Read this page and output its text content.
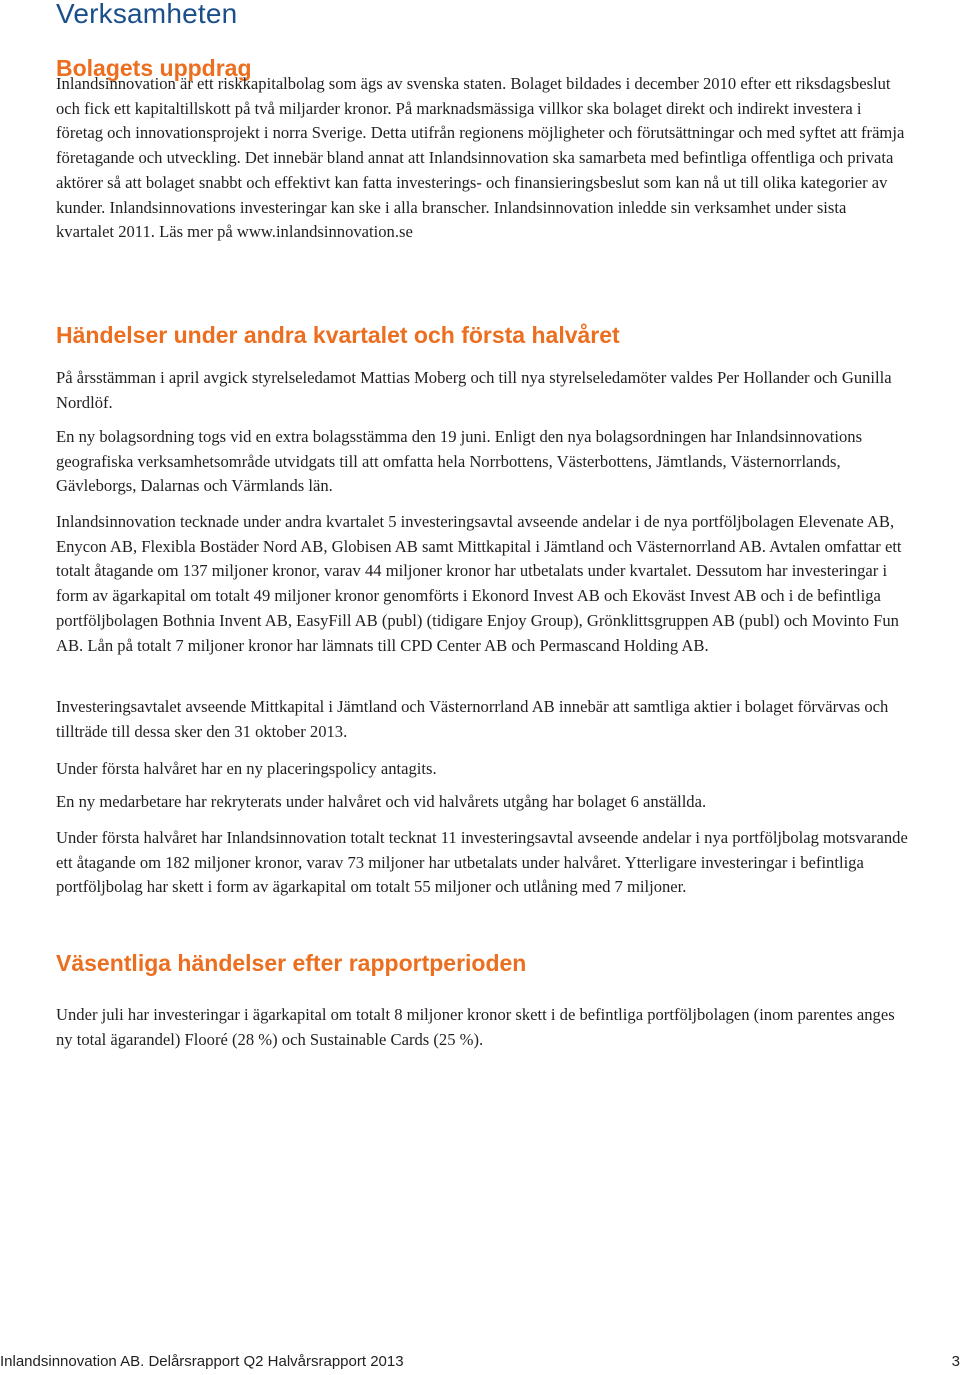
Verksamheten
Bolagets uppdrag

Inlandsinnovation är ett riskkapitalbolag som ägs av svenska staten. Bolaget bildades i december 2010 efter ett riksdagsbeslut och fick ett kapitaltillskott på två miljarder kronor. På marknadsmässiga villkor ska bolaget direkt och indirekt investera i företag och innovationsprojekt i norra Sverige. Detta utifrån regionens möjligheter och förutsättningar och med syftet att främja företagande och utveckling. Det innebär bland annat att Inlandsinnovation ska samarbeta med befintliga offentliga och privata aktörer så att bolaget snabbt och effektivt kan fatta investerings- och finansieringsbeslut som kan nå ut till olika kategorier av kunder. Inlandsinnovations investeringar kan ske i alla branscher. Inlandsinnovation inledde sin verksamhet under sista kvartalet 2011. Läs mer på www.inlandsinnovation.se

Händelser under andra kvartalet och första halvåret

På årsstämman i april avgick styrelseledamot Mattias Moberg och till nya styrelseledamöter valdes Per Hollander och Gunilla Nordlöf.

En ny bolagsordning togs vid en extra bolagsstämma den 19 juni. Enligt den nya bolagsordningen har Inlandsinnovations geografiska verksamhetsområde utvidgats till att omfatta hela Norrbottens, Västerbottens, Jämtlands, Västernorrlands, Gävleborgs, Dalarnas och Värmlands län.

Inlandsinnovation tecknade under andra kvartalet 5 investeringsavtal avseende andelar i de nya portföljbolagen Elevenate AB, Enycon AB, Flexibla Bostäder Nord AB, Globisen AB samt Mittkapital i Jämtland och Västernorrland AB. Avtalen omfattar ett totalt åtagande om 137 miljoner kronor, varav 44 miljoner kronor har utbetalats under kvartalet. Dessutom har investeringar i form av ägarkapital om totalt 49 miljoner kronor genomförts i Ekonord Invest AB och Ekoväst Invest AB och i de befintliga portföljbolagen Bothnia Invent AB, EasyFill AB (publ) (tidigare Enjoy Group), Grönklittsgruppen AB (publ) och Movinto Fun AB. Lån på totalt 7 miljoner kronor har lämnats till CPD Center AB och Permascand Holding AB.

Investeringsavtalet avseende Mittkapital i Jämtland och Västernorrland AB innebär att samtliga aktier i bolaget förvärvas och tillträde till dessa sker den 31 oktober 2013.

Under första halvåret har en ny placeringspolicy antagits.

En ny medarbetare har rekryterats under halvåret och vid halvårets utgång har bolaget 6 anställda.

Under första halvåret har Inlandsinnovation totalt tecknat 11 investeringsavtal avseende andelar i nya portföljbolag motsvarande ett åtagande om 182 miljoner kronor, varav 73 miljoner har utbetalats under halvåret. Ytterligare investeringar i befintliga portföljbolag har skett i form av ägarkapital om totalt 55 miljoner och utlåning med 7 miljoner.

Väsentliga händelser efter rapportperioden

Under juli har investeringar i ägarkapital om totalt 8 miljoner kronor skett i de befintliga portföljbolagen (inom parentes anges ny total ägarandel) Flooré (28 %) och Sustainable Cards (25 %).

Inlandsinnovation AB. Delårsrapport Q2 Halvårsrapport 2013	3
